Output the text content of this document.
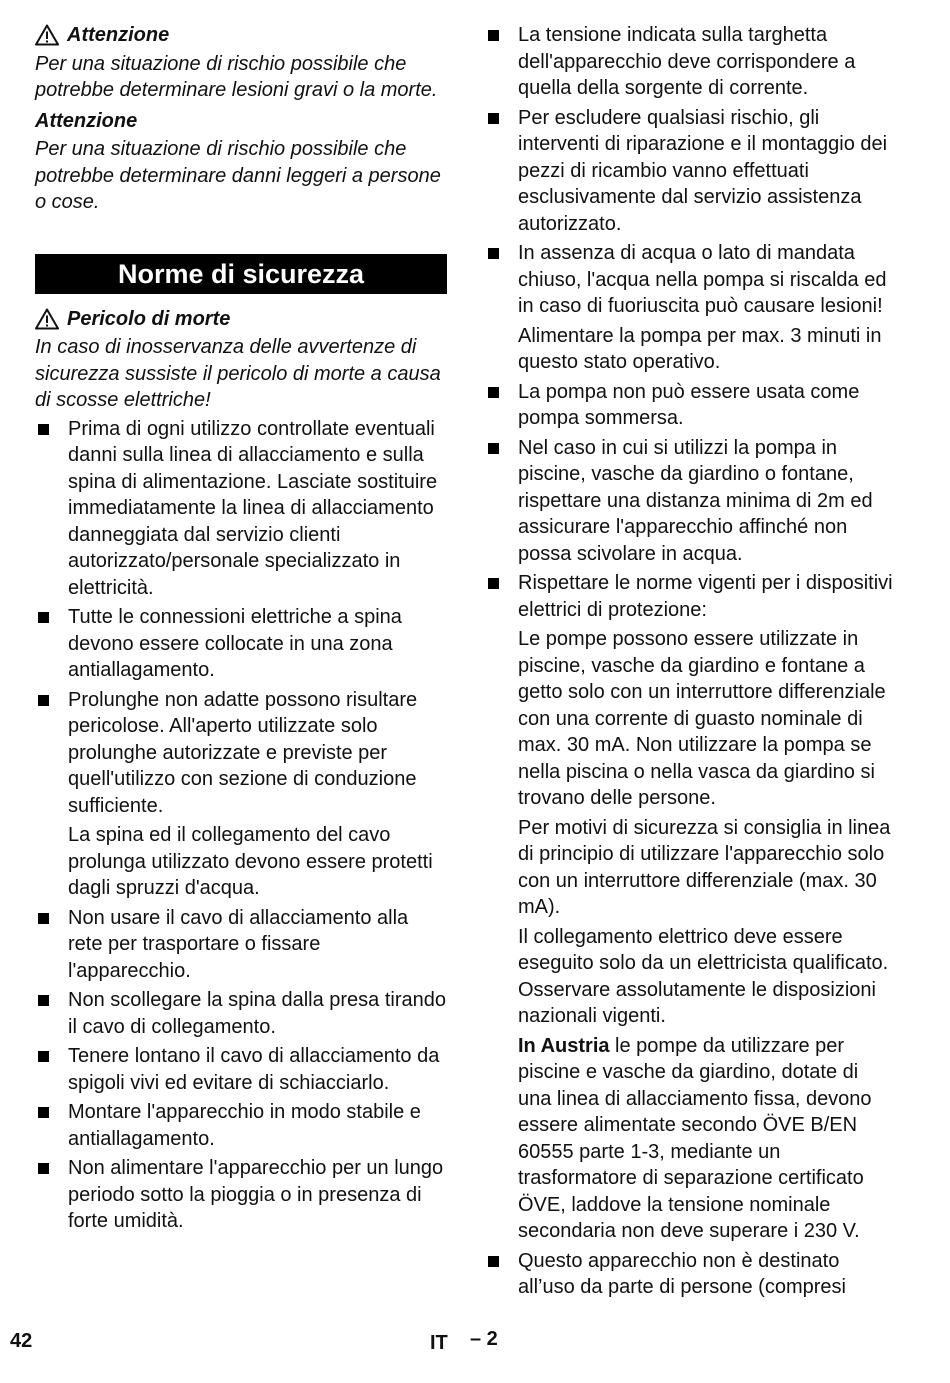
Attenzione

Per una situazione di rischio possibile che potrebbe determinare lesioni gravi o la morte.

Attenzione

Per una situazione di rischio possibile che potrebbe determinare danni leggeri a persone o cose.

Norme di sicurezza
Pericolo di morte

In caso di inosservanza delle avvertenze di sicurezza sussiste il pericolo di morte a causa di scosse elettriche!

Prima di ogni utilizzo controllate eventuali danni sulla linea di allacciamento e sulla spina di alimentazione. Lasciate sostituire immediatamente la linea di allacciamento danneggiata dal servizio clienti autorizzato/personale specializzato in elettricità.
Tutte le connessioni elettriche a spina devono essere collocate in una zona antiallagamento.
Prolunghe non adatte possono risultare pericolose. All'aperto utilizzate solo prolunghe autorizzate e previste per quell'utilizzo con sezione di conduzione sufficiente.

La spina ed il collegamento del cavo prolunga utilizzato devono essere protetti dagli spruzzi d'acqua.

Non usare il cavo di allacciamento alla rete per trasportare o fissare l'apparecchio.
Non scollegare la spina dalla presa tirando il cavo di collegamento.
Tenere lontano il cavo di allacciamento da spigoli vivi ed evitare di schiacciarlo.
Montare l'apparecchio in modo stabile e antiallagamento.
Non alimentare l'apparecchio per un lungo periodo sotto la pioggia o in presenza di forte umidità.
La tensione indicata sulla targhetta dell'apparecchio deve corrispondere a quella della sorgente di corrente.
Per escludere qualsiasi rischio, gli interventi di riparazione e il montaggio dei pezzi di ricambio vanno effettuati esclusivamente dal servizio assistenza autorizzato.
In assenza di acqua o lato di mandata chiuso, l'acqua nella pompa si riscalda ed in caso di fuoriuscita può causare lesioni!

Alimentare la pompa per max. 3 minuti in questo stato operativo.

La pompa non può essere usata come pompa sommersa.
Nel caso in cui si utilizzi la pompa in piscine, vasche da giardino o fontane, rispettare una distanza minima di 2m ed assicurare l'apparecchio affinché non possa scivolare in acqua.
Rispettare le norme vigenti per i dispositivi elettrici di protezione:

Le pompe possono essere utilizzate in piscine, vasche da giardino e fontane a getto solo con un interruttore differenziale con una corrente di guasto nominale di max. 30 mA. Non utilizzare la pompa se nella piscina o nella vasca da giardino si trovano delle persone.

Per motivi di sicurezza si consiglia in linea di principio di utilizzare l'apparecchio solo con un interruttore differenziale (max. 30 mA).

Il collegamento elettrico deve essere eseguito solo da un elettricista qualificato. Osservare assolutamente le disposizioni nazionali vigenti.

In Austria le pompe da utilizzare per piscine e vasche da giardino, dotate di una linea di allacciamento fissa, devono essere alimentate secondo ÖVE B/EN 60555 parte 1-3, mediante un trasformatore di separazione certificato ÖVE, laddove la tensione nominale secondaria non deve superare i 230 V.

Questo apparecchio non è destinato all’uso da parte di persone (compresi
42	IT – 2
